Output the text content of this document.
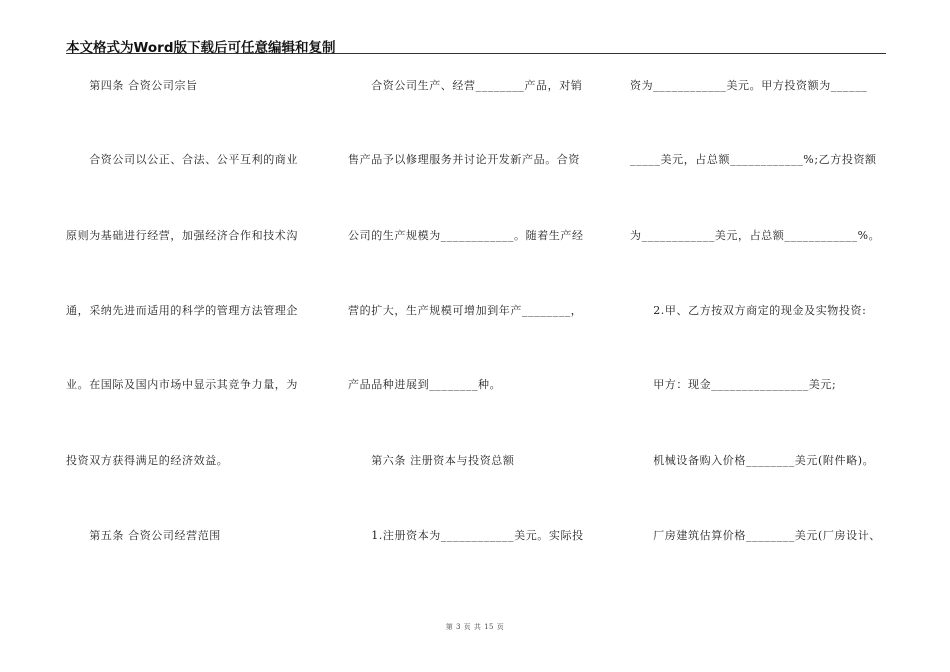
本文格式为Word版下载后可任意编辑和复制
　　第四条 合资公司宗旨
　　合资公司以公正、合法、公平互利的商业
原则为基础进行经营，加强经济合作和技术沟
通，采纳先进而适用的科学的管理方法管理企
业。在国际及国内市场中显示其竞争力量，为
投资双方获得满足的经济效益。
　　第五条 合资公司经营范围
　　合资公司生产、经营________产品，对销
售产品予以修理服务并讨论开发新产品。合资
公司的生产规模为____________。随着生产经
营的扩大，生产规模可增加到年产________，
产品品种进展到________种。
　　第六条 注册资本与投资总额
　　1.注册资本为____________美元。实际投
资为____________美元。甲方投资额为______
_____美元，占总额____________%;乙方投资额
为____________美元，占总额____________%。
　　2.甲、乙方按双方商定的现金及实物投资:
　　甲方：现金________________美元;
　　机械设备购入价格________美元(附件略)。
　　厂房建筑估算价格________美元(厂房设计、
第 3 页 共 15 页
